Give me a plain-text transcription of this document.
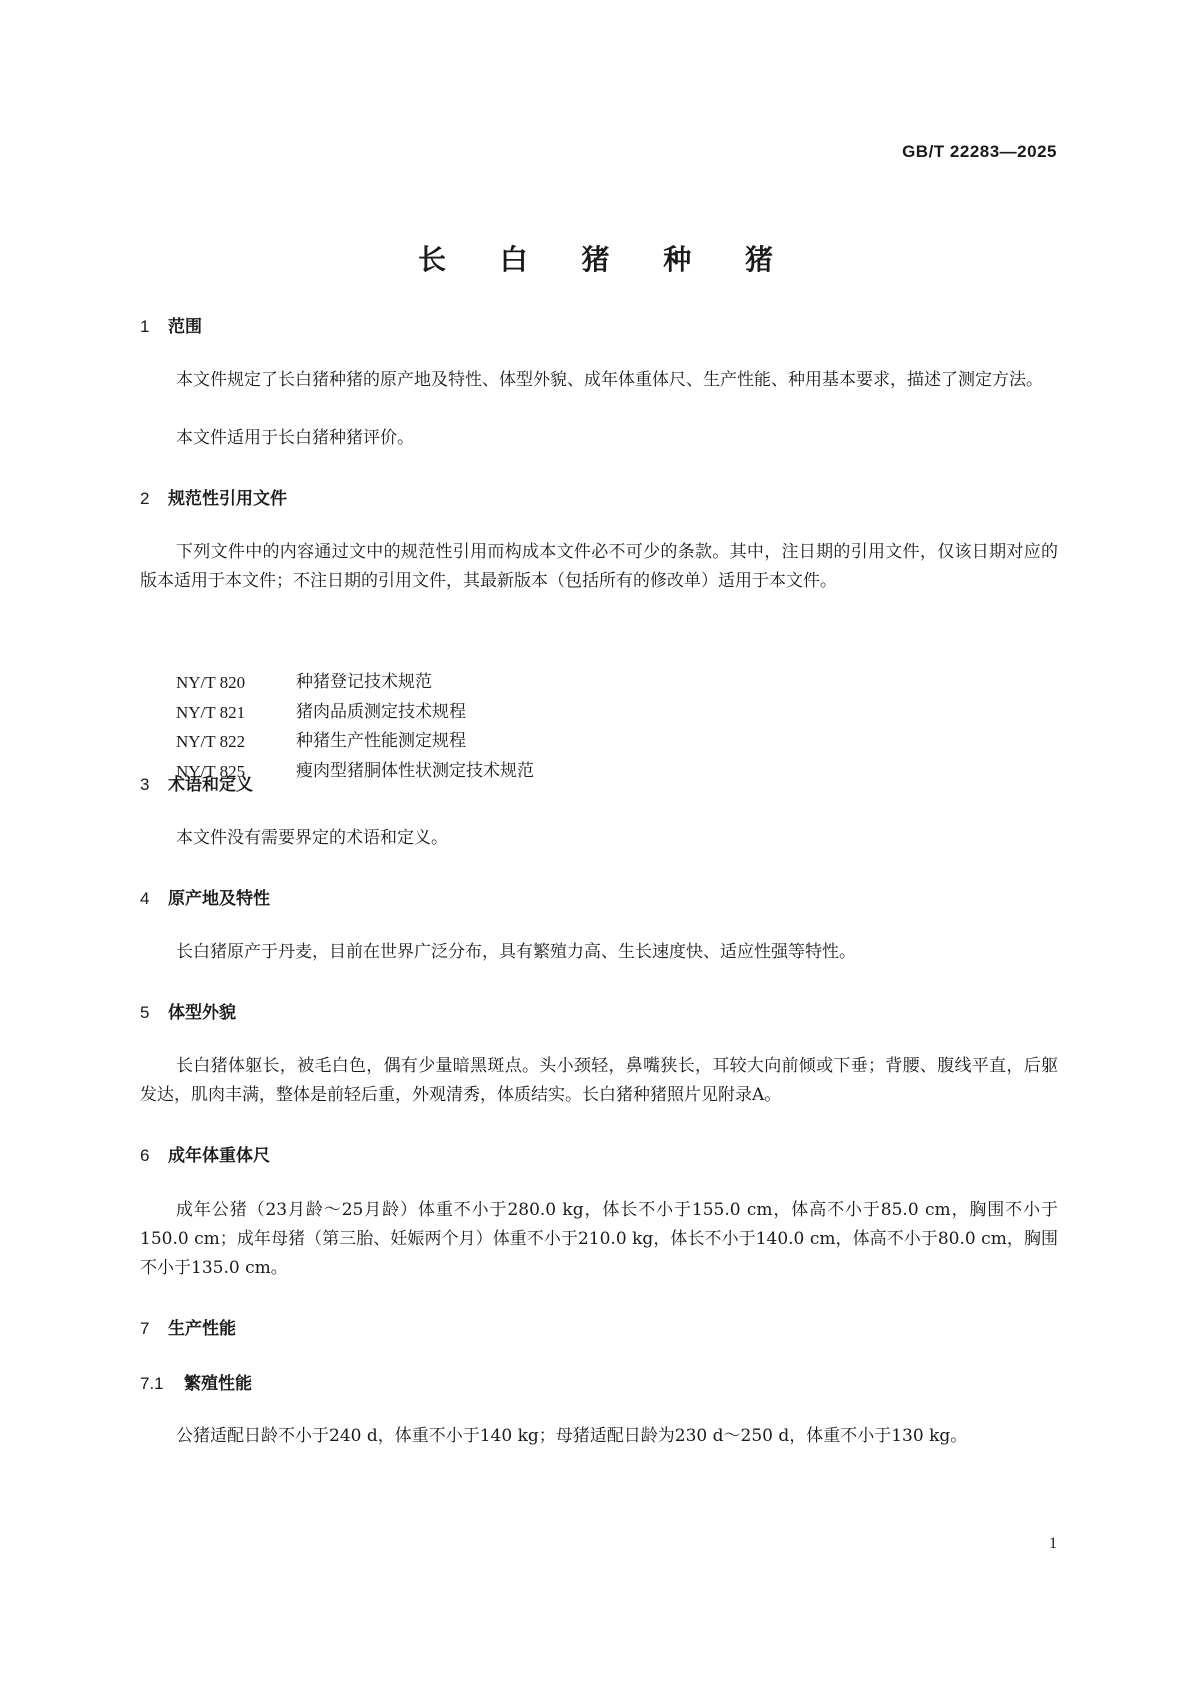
GB/T 22283—2025
长 白 猪 种 猪
1 范围

本文件规定了长白猪种猪的原产地及特性、体型外貌、成年体重体尺、生产性能、种用基本要求，描述了测定方法。

本文件适用于长白猪种猪评价。

2 规范性引用文件

下列文件中的内容通过文中的规范性引用而构成本文件必不可少的条款。其中，注日期的引用文件，仅该日期对应的版本适用于本文件；不注日期的引用文件，其最新版本（包括所有的修改单）适用于本文件。

NY/T 820	种猪登记技术规范
NY/T 821	猪肉品质测定技术规程
NY/T 822	种猪生产性能测定规程
NY/T 825	瘦肉型猪胴体性状测定技术规范
3 术语和定义

本文件没有需要界定的术语和定义。

4 原产地及特性

长白猪原产于丹麦，目前在世界广泛分布，具有繁殖力高、生长速度快、适应性强等特性。

5 体型外貌

长白猪体躯长，被毛白色，偶有少量暗黑斑点。头小颈轻，鼻嘴狭长，耳较大向前倾或下垂；背腰、腹线平直，后躯发达，肌肉丰满，整体是前轻后重，外观清秀，体质结实。长白猪种猪照片见附录A。

6 成年体重体尺

成年公猪（23月龄～25月龄）体重不小于280.0 kg，体长不小于155.0 cm，体高不小于85.0 cm，胸围不小于150.0 cm；成年母猪（第三胎、妊娠两个月）体重不小于210.0 kg，体长不小于140.0 cm，体高不小于80.0 cm，胸围不小于135.0 cm。

7 生产性能
7.1 繁殖性能

公猪适配日龄不小于240 d，体重不小于140 kg；母猪适配日龄为230 d～250 d，体重不小于130 kg。

1
